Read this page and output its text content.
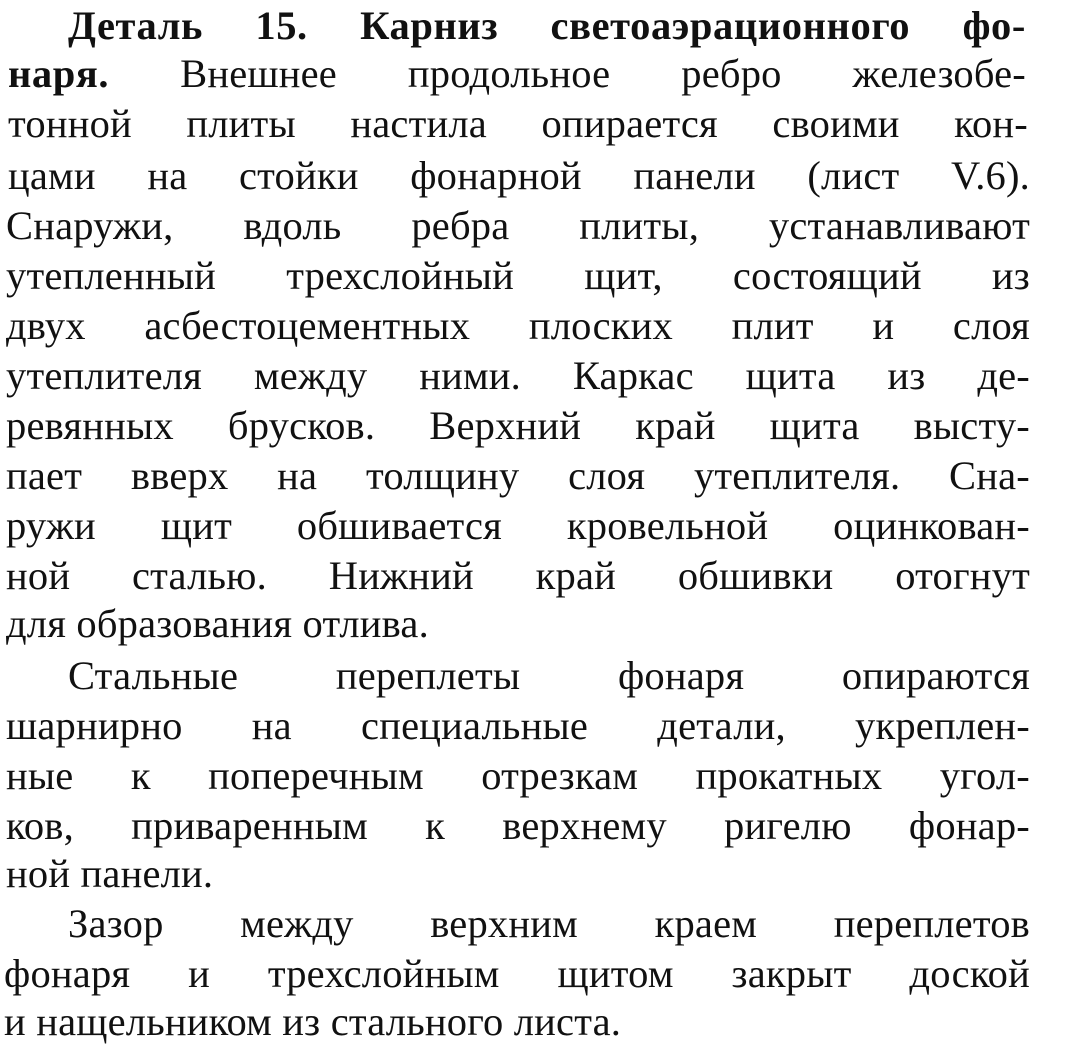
Деталь 15. Карниз светоаэрационного фо-
наря. Внешнее продольное ребро железобе-
тонной плиты настила опирается своими кон-
цами на стойки фонарной панели (лист V.6).
Снаружи, вдоль ребра плиты, устанавливают
утепленный трехслойный щит, состоящий из
двух асбестоцементных плоских плит и слоя
утеплителя между ними. Каркас щита из де-
ревянных брусков. Верхний край щита высту-
пает вверх на толщину слоя утеплителя. Сна-
ружи щит обшивается кровельной оцинкован-
ной сталью. Нижний край обшивки отогнут
для образования отлива.
Стальные переплеты фонаря опираются
шарнирно на специальные детали, укреплен-
ные к поперечным отрезкам прокатных угол-
ков, приваренным к верхнему ригелю фонар-
ной панели.
Зазор между верхним краем переплетов
фонаря и трехслойным щитом закрыт доской
и нащельником из стального листа.
